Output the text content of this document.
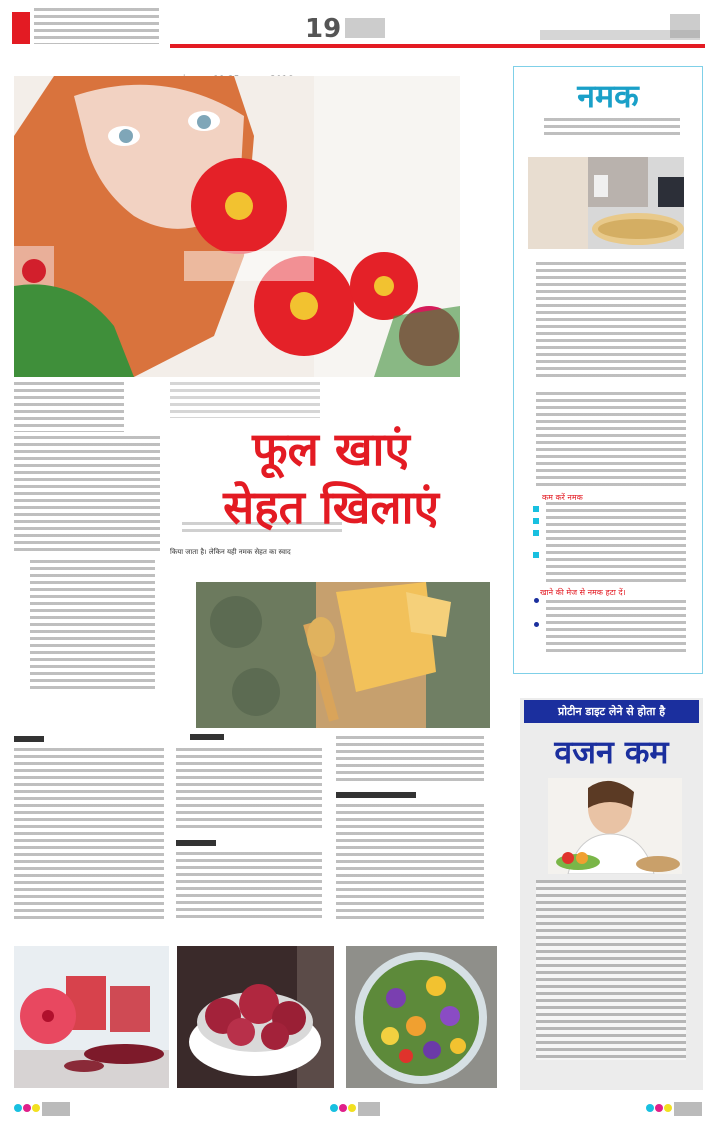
19
फूल खाएं
सेहत खिलाएं
किया जाता है। लेकिन यही नमक सेहत का स्वाद
नमक
कम करें नमक
खाने की मेज से नमक हटा दें।
प्रोटीन डाइट लेने से होता है
वजन कम
